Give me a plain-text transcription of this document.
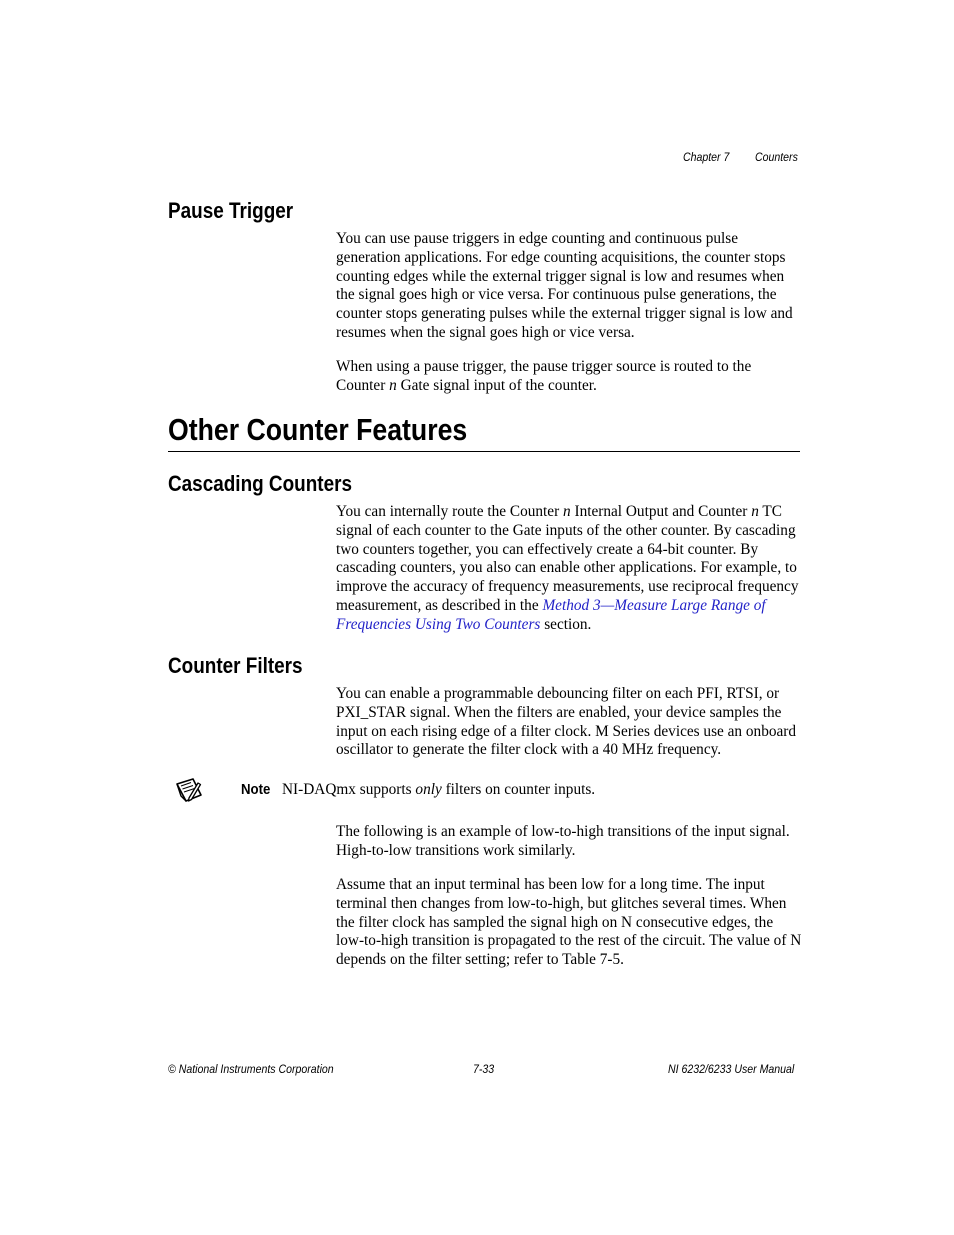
Chapter 7 Counters
Pause Trigger

You can use pause triggers in edge counting and continuous pulse generation applications. For edge counting acquisitions, the counter stops counting edges while the external trigger signal is low and resumes when the signal goes high or vice versa. For continuous pulse generations, the counter stops generating pulses while the external trigger signal is low and resumes when the signal goes high or vice versa.

When using a pause trigger, the pause trigger source is routed to the Counter n Gate signal input of the counter.

Other Counter Features
Cascading Counters

You can internally route the Counter n Internal Output and Counter n TC signal of each counter to the Gate inputs of the other counter. By cascading two counters together, you can effectively create a 64-bit counter. By cascading counters, you also can enable other applications. For example, to improve the accuracy of frequency measurements, use reciprocal frequency measurement, as described in the Method 3—Measure Large Range of Frequencies Using Two Counters section.

Counter Filters

You can enable a programmable debouncing filter on each PFI, RTSI, or PXI_STAR signal. When the filters are enabled, your device samples the input on each rising edge of a filter clock. M Series devices use an onboard oscillator to generate the filter clock with a 40 MHz frequency.

Note NI-DAQmx supports only filters on counter inputs.

The following is an example of low-to-high transitions of the input signal. High-to-low transitions work similarly.

Assume that an input terminal has been low for a long time. The input terminal then changes from low-to-high, but glitches several times. When the filter clock has sampled the signal high on N consecutive edges, the low-to-high transition is propagated to the rest of the circuit. The value of N depends on the filter setting; refer to Table 7-5.

© National Instruments Corporation	7-33	NI 6232/6233 User Manual
